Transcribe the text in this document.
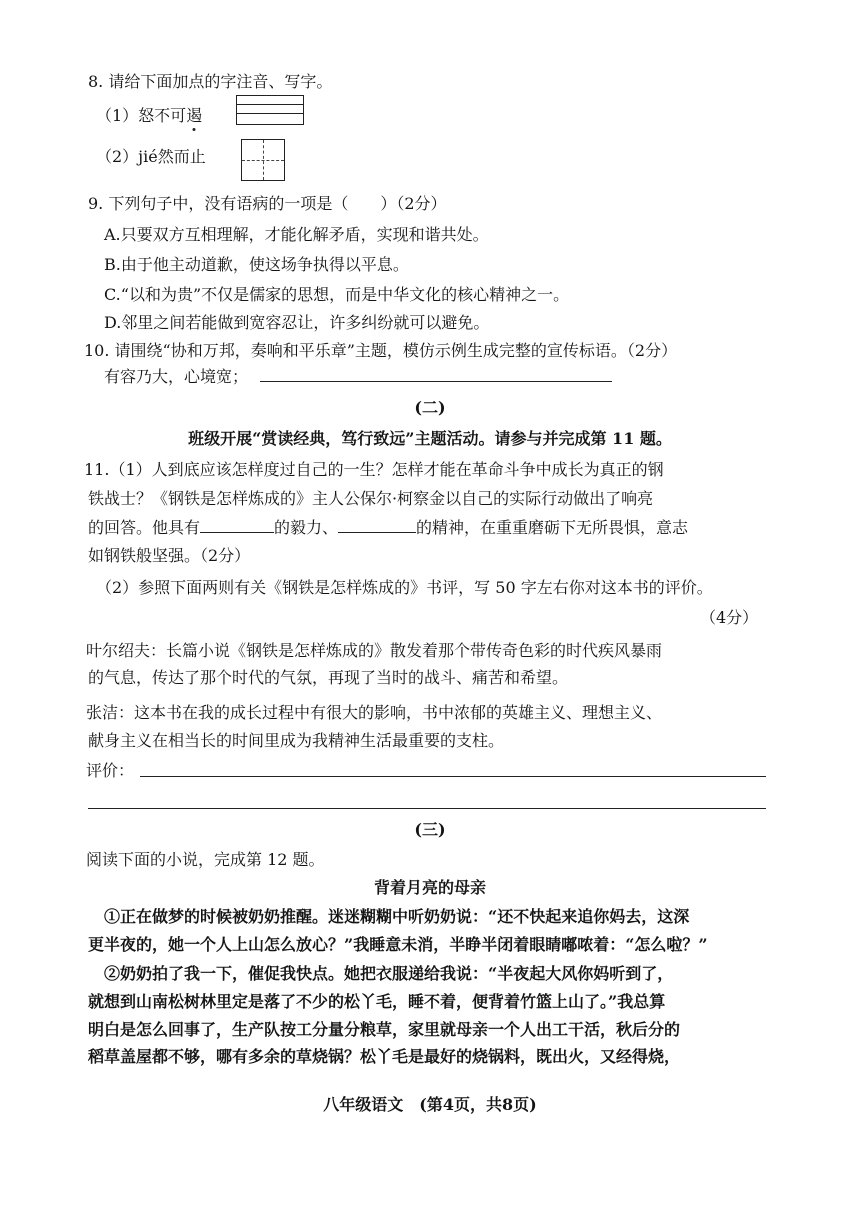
8. 请给下面加点的字注音、写字。
（1）怒不可遏
（2）jié然而止
9. 下列句子中，没有语病的一项是（　　）（2分）
A.只要双方互相理解，才能化解矛盾，实现和谐共处。
B.由于他主动道歉，使这场争执得以平息。
C.“以和为贵”不仅是儒家的思想，而是中华文化的核心精神之一。
D.邻里之间若能做到宽容忍让，许多纠纷就可以避免。
10. 请围绕“协和万邦，奏响和平乐章”主题，模仿示例生成完整的宣传标语。（2分）
有容乃大，心境宽；
(二)
班级开展“赏读经典，笃行致远”主题活动。请参与并完成第 11 题。
11.（1）人到底应该怎样度过自己的一生？怎样才能在革命斗争中成长为真正的钢
铁战士？《钢铁是怎样炼成的》主人公保尔·柯察金以自己的实际行动做出了响亮
的回答。他具有	的毅力、	的精神，在重重磨砺下无所畏惧，意志
如钢铁般坚强。（2分）
（2）参照下面两则有关《钢铁是怎样炼成的》书评，写 50 字左右你对这本书的评价。
（4分）
叶尔绍夫：长篇小说《钢铁是怎样炼成的》散发着那个带传奇色彩的时代疾风暴雨
的气息，传达了那个时代的气氛，再现了当时的战斗、痛苦和希望。
张洁：这本书在我的成长过程中有很大的影响，书中浓郁的英雄主义、理想主义、
献身主义在相当长的时间里成为我精神生活最重要的支柱。
评价：
(三)
阅读下面的小说，完成第 12 题。
背着月亮的母亲
①正在做梦的时候被奶奶推醒。迷迷糊糊中听奶奶说：“还不快起来追你妈去，这深
更半夜的，她一个人上山怎么放心？”我睡意未消，半睁半闭着眼睛嘟哝着：“怎么啦？”
②奶奶拍了我一下，催促我快点。她把衣服递给我说：“半夜起大风你妈听到了，
就想到山南松树林里定是落了不少的松丫毛，睡不着，便背着竹篮上山了。”我总算
明白是怎么回事了，生产队按工分量分粮草，家里就母亲一个人出工干活，秋后分的
稻草盖屋都不够，哪有多余的草烧锅？松丫毛是最好的烧锅料，既出火，又经得烧，
八年级语文　(第4页，共8页)
